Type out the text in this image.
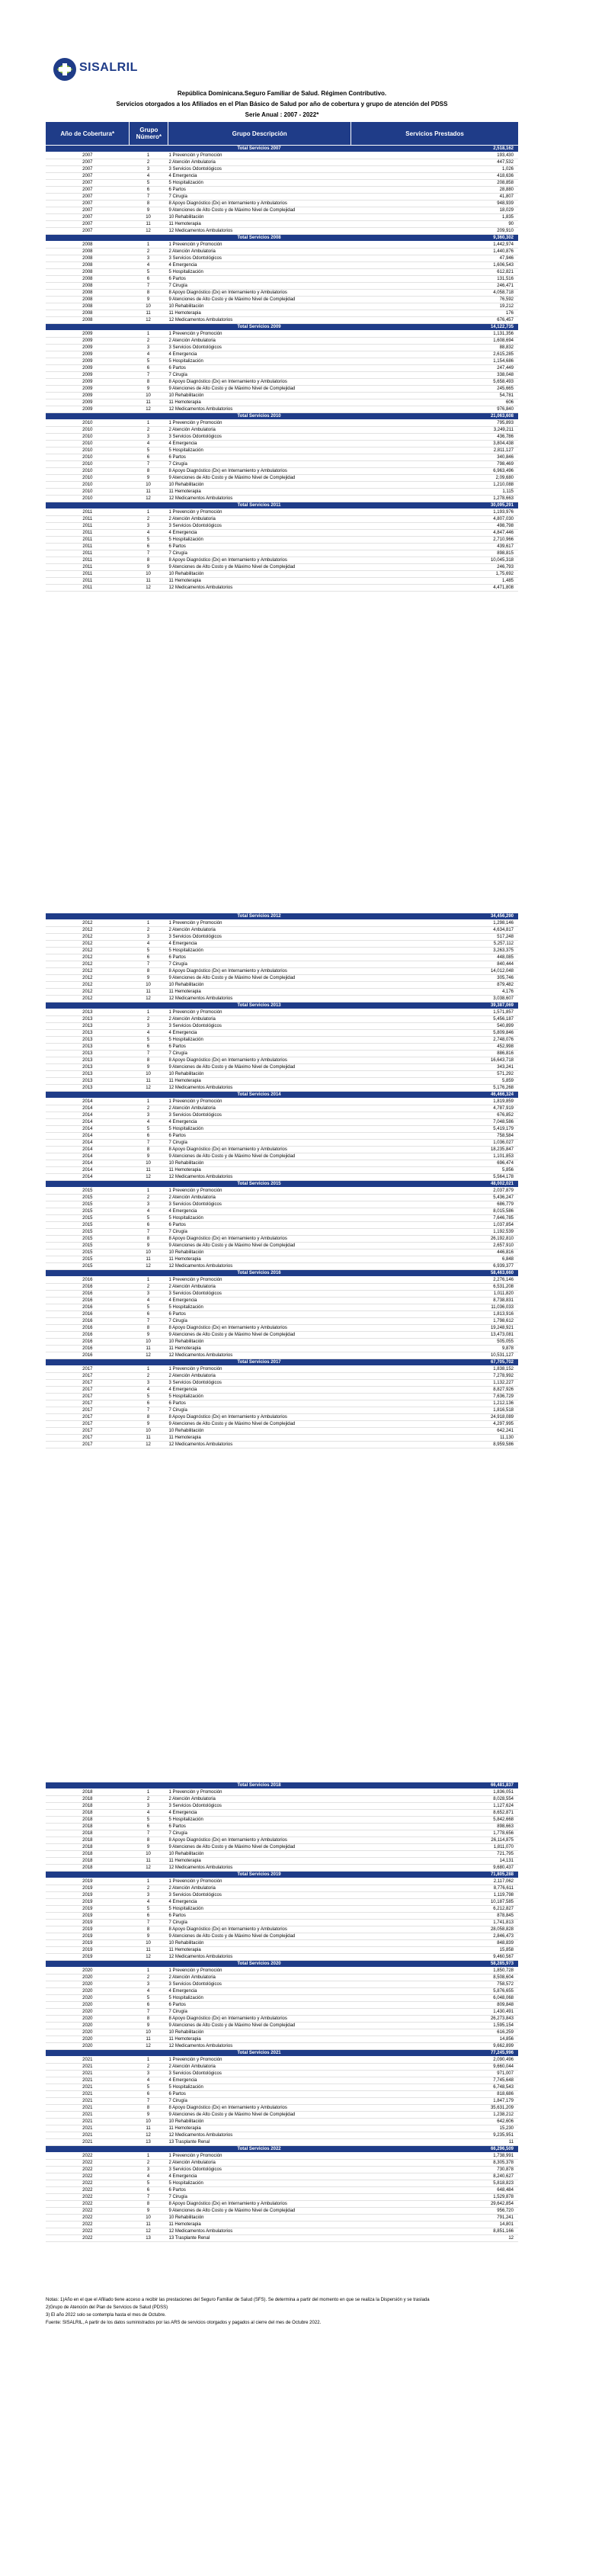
SISALRIL
República Dominicana.Seguro Familiar de Salud. Régimen Contributivo.
Servicios otorgados a los Afiliados en el Plan Básico de Salud por año de cobertura y grupo de atención del PDSS
Serie Anual : 2007 - 2022*
Año de Cobertura*	Grupo Número*	Grupo Descripción	Servicios Prestados
Total Servicios 2007	2,518,162
2007	1	1 Prevención y Promoción	193,430
2007	2	2 Atención Ambulatoria	447,532
2007	3	3 Servicios Odontológicos	1,026
2007	4	4 Emergencia	418,636
2007	5	5 Hospitalización	208,858
2007	6	6 Partos	28,880
2007	7	7 Cirugía	41,807
2007	8	8 Apoyo Diagnóstico (Dx) en Internamiento y Ambulatorios	948,939
2007	9	9 Atenciones de Alto Costo y de Máximo Nivel de Complejidad	18,029
2007	10	10 Rehabilitación	1,835
2007	11	11 Hemoterapia	90
2007	12	12 Medicamentos Ambulatorios	209,910
Total Servicios 2008	9,360,302
2008	1	1 Prevención y Promoción	1,442,974
2008	2	2 Atención Ambulatoria	1,440,876
2008	3	3 Servicios Odontológicos	47,946
2008	4	4 Emergencia	1,606,543
2008	5	5 Hospitalización	612,821
2008	6	6 Partos	131,516
2008	7	7 Cirugía	246,471
2008	8	8 Apoyo Diagnóstico (Dx) en Internamiento y Ambulatorios	4,058,718
2008	9	9 Atenciones de Alto Costo y de Máximo Nivel de Complejidad	76,592
2008	10	10 Rehabilitación	19,212
2008	11	11 Hemoterapia	176
2008	12	12 Medicamentos Ambulatorios	676,457
Total Servicios 2009	14,122,735
2009	1	1 Prevención y Promoción	1,131,356
2009	2	2 Atención Ambulatoria	1,608,694
2009	3	3 Servicios Odontológicos	88,832
2009	4	4 Emergencia	2,615,285
2009	5	5 Hospitalización	1,154,686
2009	6	6 Partos	247,449
2009	7	7 Cirugía	338,048
2009	8	8 Apoyo Diagnóstico (Dx) en Internamiento y Ambulatorios	5,658,493
2009	9	9 Atenciones de Alto Costo y de Máximo Nivel de Complejidad	245,665
2009	10	10 Rehabilitación	54,781
2009	11	11 Hemoterapia	606
2009	12	12 Medicamentos Ambulatorios	976,840
Total Servicios 2010	21,063,608
2010	1	1 Prevención y Promoción	795,893
2010	2	2 Atención Ambulatoria	3,249,211
2010	3	3 Servicios Odontológicos	436,786
2010	4	4 Emergencia	3,804,438
2010	5	5 Hospitalización	2,811,127
2010	6	6 Partos	340,846
2010	7	7 Cirugía	798,469
2010	8	8 Apoyo Diagnóstico (Dx) en Internamiento y Ambulatorios	6,963,496
2010	9	9 Atenciones de Alto Costo y de Máximo Nivel de Complejidad	2,09,680
2010	10	10 Rehabilitación	1,210,088
2010	11	11 Hemoterapia	1,115
2010	12	12 Medicamentos Ambulatorios	1,278,663
Total Servicios 2011	30,095,291
2011	1	1 Prevención y Promoción	1,193,976
2011	2	2 Atención Ambulatoria	4,807,030
2011	3	3 Servicios Odontológicos	498,798
2011	4	4 Emergencia	4,847,446
2011	5	5 Hospitalización	2,710,966
2011	6	6 Partos	439,617
2011	7	7 Cirugía	898,815
2011	8	8 Apoyo Diagnóstico (Dx) en Internamiento y Ambulatorios	10,045,318
2011	9	9 Atenciones de Alto Costo y de Máximo Nivel de Complejidad	246,793
2011	10	10 Rehabilitación	1,75,692
2011	11	11 Hemoterapia	1,485
2011	12	12 Medicamentos Ambulatorios	4,471,808
Total Servicios 2012	34,456,290
2012	1	1 Prevención y Promoción	1,298,146
2012	2	2 Atención Ambulatoria	4,634,817
2012	3	3 Servicios Odontológicos	517,248
2012	4	4 Emergencia	5,257,112
2012	5	5 Hospitalización	3,263,375
2012	6	6 Partos	448,085
2012	7	7 Cirugía	840,444
2012	8	8 Apoyo Diagnóstico (Dx) en Internamiento y Ambulatorios	14,012,048
2012	9	9 Atenciones de Alto Costo y de Máximo Nivel de Complejidad	305,746
2012	10	10 Rehabilitación	879,482
2012	11	11 Hemoterapia	4,176
2012	12	12 Medicamentos Ambulatorios	3,038,607
Total Servicios 2013	39,387,069
2013	1	1 Prevención y Promoción	1,571,857
2013	2	2 Atención Ambulatoria	5,456,187
2013	3	3 Servicios Odontológicos	540,899
2013	4	4 Emergencia	5,809,846
2013	5	5 Hospitalización	2,748,076
2013	6	6 Partos	452,998
2013	7	7 Cirugía	886,816
2013	8	8 Apoyo Diagnóstico (Dx) en Internamiento y Ambulatorios	16,643,718
2013	9	9 Atenciones de Alto Costo y de Máximo Nivel de Complejidad	343,241
2013	10	10 Rehabilitación	571,292
2013	11	11 Hemoterapia	5,859
2013	12	12 Medicamentos Ambulatorios	5,176,268
Total Servicios 2014	46,466,324
2014	1	1 Prevención y Promoción	1,819,859
2014	2	2 Atención Ambulatoria	4,787,919
2014	3	3 Servicios Odontológicos	676,852
2014	4	4 Emergencia	7,048,586
2014	5	5 Hospitalización	5,419,179
2014	6	6 Partos	758,584
2014	7	7 Cirugía	1,036,027
2014	8	8 Apoyo Diagnóstico (Dx) en Internamiento y Ambulatorios	18,235,847
2014	9	9 Atenciones de Alto Costo y de Máximo Nivel de Complejidad	1,101,853
2014	10	10 Rehabilitación	696,474
2014	11	11 Hemoterapia	5,856
2014	12	12 Medicamentos Ambulatorios	5,564,178
Total Servicios 2015	48,002,021
2015	1	1 Prevención y Promoción	2,037,879
2015	2	2 Atención Ambulatoria	5,436,247
2015	3	3 Servicios Odontológicos	686,779
2015	4	4 Emergencia	8,015,586
2015	5	5 Hospitalización	7,646,785
2015	6	6 Partos	1,037,854
2015	7	7 Cirugía	1,192,539
2015	8	8 Apoyo Diagnóstico (Dx) en Internamiento y Ambulatorios	26,192,810
2015	9	9 Atenciones de Alto Costo y de Máximo Nivel de Complejidad	2,657,910
2015	10	10 Rehabilitación	446,816
2015	11	11 Hemoterapia	6,848
2015	12	12 Medicamentos Ambulatorios	6,939,377
Total Servicios 2016	58,463,660
2016	1	1 Prevención y Promoción	2,276,146
2016	2	2 Atención Ambulatoria	6,531,208
2016	3	3 Servicios Odontológicos	1,011,820
2016	4	4 Emergencia	8,738,831
2016	5	5 Hospitalización	11,036,033
2016	6	6 Partos	1,813,916
2016	7	7 Cirugía	1,798,612
2016	8	8 Apoyo Diagnóstico (Dx) en Internamiento y Ambulatorios	19,248,921
2016	9	9 Atenciones de Alto Costo y de Máximo Nivel de Complejidad	13,473,081
2016	10	10 Rehabilitación	505,055
2016	11	11 Hemoterapia	9,878
2016	12	12 Medicamentos Ambulatorios	10,531,127
Total Servicios 2017	67,705,702
2017	1	1 Prevención y Promoción	1,838,152
2017	2	2 Atención Ambulatoria	7,278,992
2017	3	3 Servicios Odontológicos	1,132,227
2017	4	4 Emergencia	8,827,926
2017	5	5 Hospitalización	7,636,729
2017	6	6 Partos	1,212,136
2017	7	7 Cirugía	1,816,518
2017	8	8 Apoyo Diagnóstico (Dx) en Internamiento y Ambulatorios	24,918,089
2017	9	9 Atenciones de Alto Costo y de Máximo Nivel de Complejidad	4,297,995
2017	10	10 Rehabilitación	642,241
2017	11	11 Hemoterapia	11,130
2017	12	12 Medicamentos Ambulatorios	8,959,586
Total Servicios 2018	66,481,837
2018	1	1 Prevención y Promoción	1,836,051
2018	2	2 Atención Ambulatoria	8,028,554
2018	3	3 Servicios Odontológicos	1,127,624
2018	4	4 Emergencia	8,652,871
2018	5	5 Hospitalización	5,842,668
2018	6	6 Partos	898,663
2018	7	7 Cirugía	1,778,656
2018	8	8 Apoyo Diagnóstico (Dx) en Internamiento y Ambulatorios	26,114,875
2018	9	9 Atenciones de Alto Costo y de Máximo Nivel de Complejidad	1,811,070
2018	10	10 Rehabilitación	721,795
2018	11	11 Hemoterapia	14,131
2018	12	12 Medicamentos Ambulatorios	9,680,437
Total Servicios 2019	71,805,288
2019	1	1 Prevención y Promoción	2,117,062
2019	2	2 Atención Ambulatoria	8,776,611
2019	3	3 Servicios Odontológicos	1,119,798
2019	4	4 Emergencia	10,187,585
2019	5	5 Hospitalización	6,212,827
2019	6	6 Partos	878,845
2019	7	7 Cirugía	1,741,813
2019	8	8 Apoyo Diagnóstico (Dx) en Internamiento y Ambulatorios	28,058,828
2019	9	9 Atenciones de Alto Costo y de Máximo Nivel de Complejidad	2,846,473
2019	10	10 Rehabilitación	848,839
2019	11	11 Hemoterapia	15,858
2019	12	12 Medicamentos Ambulatorios	9,460,567
Total Servicios 2020	58,285,973
2020	1	1 Prevención y Promoción	1,850,728
2020	2	2 Atención Ambulatoria	8,508,604
2020	3	3 Servicios Odontológicos	758,572
2020	4	4 Emergencia	5,876,655
2020	5	5 Hospitalización	6,048,068
2020	6	6 Partos	809,848
2020	7	7 Cirugía	1,430,491
2020	8	8 Apoyo Diagnóstico (Dx) en Internamiento y Ambulatorios	26,273,843
2020	9	9 Atenciones de Alto Costo y de Máximo Nivel de Complejidad	1,595,154
2020	10	10 Rehabilitación	616,259
2020	11	11 Hemoterapia	14,856
2020	12	12 Medicamentos Ambulatorios	9,662,899
Total Servicios 2021	77,245,996
2021	1	1 Prevención y Promoción	2,090,496
2021	2	2 Atención Ambulatoria	9,660,044
2021	3	3 Servicios Odontológicos	971,007
2021	4	4 Emergencia	7,745,648
2021	5	5 Hospitalización	6,748,543
2021	6	6 Partos	818,686
2021	7	7 Cirugía	1,847,179
2021	8	8 Apoyo Diagnóstico (Dx) en Internamiento y Ambulatorios	35,631,209
2021	9	9 Atenciones de Alto Costo y de Máximo Nivel de Complejidad	1,238,212
2021	10	10 Rehabilitación	642,606
2021	11	11 Hemoterapia	15,230
2021	12	12 Medicamentos Ambulatorios	9,235,951
2021	13	13 Trasplante Renal	11
Total Servicios 2022	66,296,509
2022	1	1 Prevención y Promoción	1,738,991
2022	2	2 Atención Ambulatoria	8,305,378
2022	3	3 Servicios Odontológicos	730,878
2022	4	4 Emergencia	8,240,627
2022	5	5 Hospitalización	5,818,823
2022	6	6 Partos	648,484
2022	7	7 Cirugía	1,529,878
2022	8	8 Apoyo Diagnóstico (Dx) en Internamiento y Ambulatorios	29,642,854
2022	9	9 Atenciones de Alto Costo y de Máximo Nivel de Complejidad	956,720
2022	10	10 Rehabilitación	791,241
2022	11	11 Hemoterapia	14,801
2022	12	12 Medicamentos Ambulatorios	8,851,166
2022	13	13 Trasplante Renal	12
Notas: 1)Año en el que el Afiliado tiene acceso a recibir las prestaciones del Seguro Familiar de Salud (SFS). Se determina a partir del momento en que se realiza la Dispersión y se traslada
2)Grupo de Atención del Plan de Servicios de Salud (PDSS)
3) El año 2022 solo se contempla hasta el mes de Octubre.
Fuente: SISALRIL, A partir de los datos suministrados por las ARS de servicios otorgados y pagados al cierre del mes de Octubre 2022.
